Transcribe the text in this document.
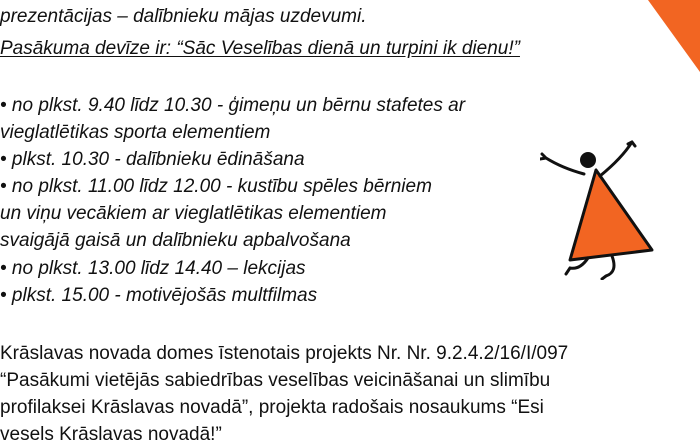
prezentācijas – dalībnieku mājas uzdevumi.
Pasākuma devīze ir: “Sāc Veselības dienā un turpini ik dienu!”
• no plkst. 9.40 līdz 10.30 - ģimeņu un bērnu stafetes ar
vieglatlētikas sporta elementiem
• plkst. 10.30 - dalībnieku ēdināšana
• no plkst. 11.00 līdz 12.00 - kustību spēles bērniem
un viņu vecākiem ar vieglatlētikas elementiem
svaigājā gaisā un dalībnieku apbalvošana
• no plkst. 13.00 līdz 14.40 – lekcijas
• plkst. 15.00 - motivējošās multfilmas
Krāslavas novada domes īstenotais projekts Nr. Nr. 9.2.4.2/16/I/097
“Pasākumi vietējās sabiedrības veselības veicināšanai un slimību
profilaksei Krāslavas novadā”, projekta radošais nosaukums “Esi
vesels Krāslavas novadā!”
